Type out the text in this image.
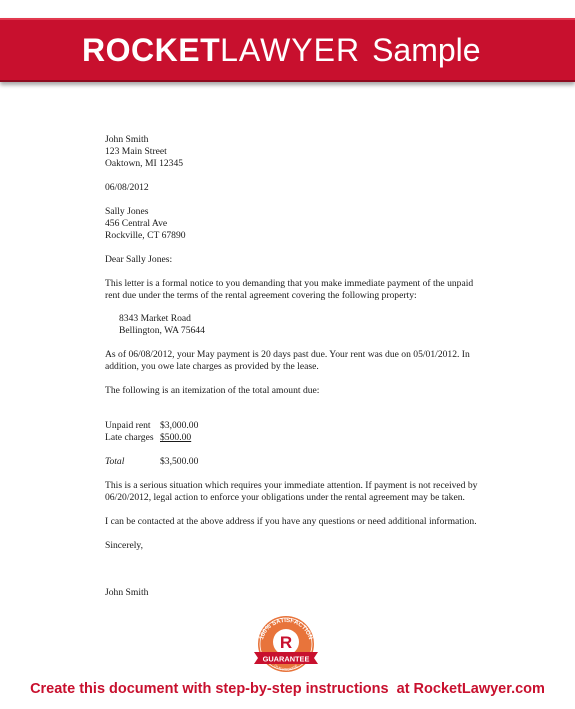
ROCKETLAWYER Sample
John Smith
123 Main Street
Oaktown, MI 12345
06/08/2012
Sally Jones
456 Central Ave
Rockville, CT 67890
Dear Sally Jones:
This letter is a formal notice to you demanding that you make immediate payment of the unpaid
rent due under the terms of the rental agreement covering the following property:
8343 Market Road
Bellington, WA 75644
As of 06/08/2012, your May payment is 20 days past due. Your rent was due on 05/01/2012. In
addition, you owe late charges as provided by the lease.
The following is an itemization of the total amount due:
Unpaid rent $3,000.00
Late charges $500.00
Total	$3,500.00
This is a serious situation which requires your immediate attention. If payment is not received by
06/20/2012, legal action to enforce your obligations under the rental agreement may be taken.
I can be contacted at the above address if you have any questions or need additional information.
Sincerely,
John Smith
100% SATISFACTION
R
GUARANTEE
OUR PROMISE
Create this document with step-by-step instructions  at RocketLawyer.com
